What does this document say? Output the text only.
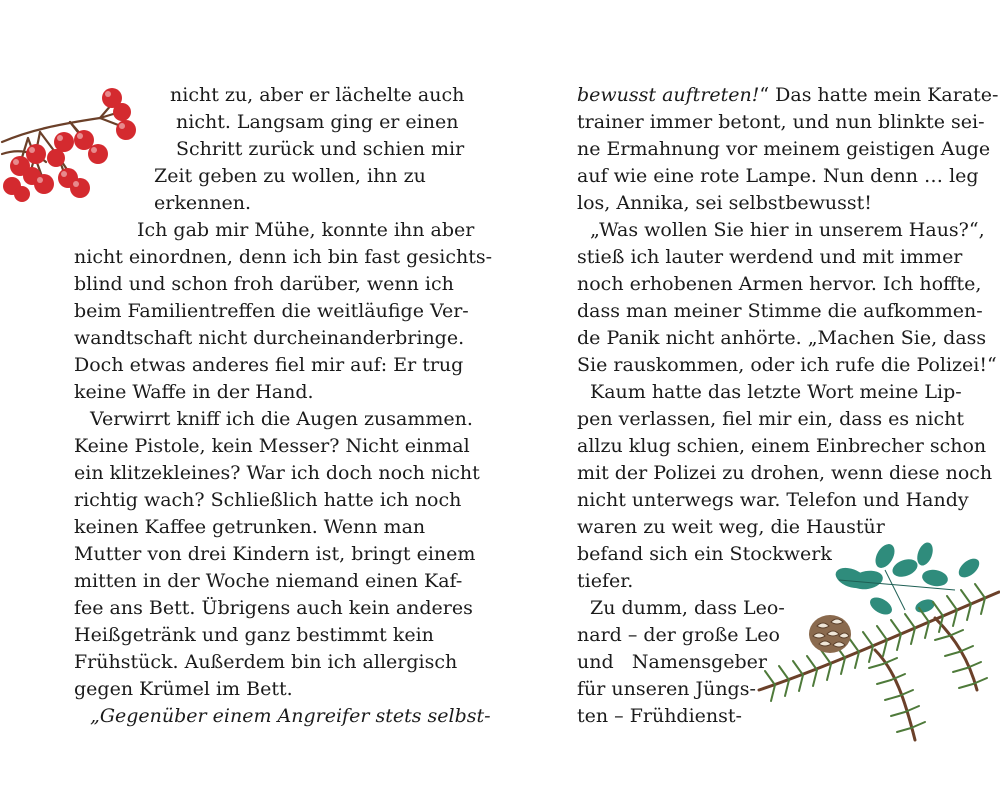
nicht zu, aber er lächelte auch

nicht. Langsam ging er einen

Schritt zurück und schien mir

Zeit geben zu wollen, ihn zu

erkennen.

Ich gab mir Mühe, konnte ihn aber

nicht einordnen, denn ich bin fast gesichts-

blind und schon froh darüber, wenn ich

beim Familientreffen die weitläufige Ver-

wandtschaft nicht durcheinanderbringe.

Doch etwas anderes fiel mir auf: Er trug

keine Waffe in der Hand.

Verwirrt kniff ich die Augen zusammen.

Keine Pistole, kein Messer? Nicht einmal

ein klitzekleines? War ich doch noch nicht

richtig wach? Schließlich hatte ich noch

keinen Kaffee getrunken. Wenn man

Mutter von drei Kindern ist, bringt einem

mitten in der Woche niemand einen Kaf-

fee ans Bett. Übrigens auch kein anderes

Heißgetränk und ganz bestimmt kein

Frühstück. Außerdem bin ich allergisch

gegen Krümel im Bett.

„Gegenüber einem Angreifer stets selbst-

bewusst auftreten!“ Das hatte mein Karate-

trainer immer betont, und nun blinkte sei-

ne Ermahnung vor meinem geistigen Auge

auf wie eine rote Lampe. Nun denn … leg

los, Annika, sei selbstbewusst!

„Was wollen Sie hier in unserem Haus?“,

stieß ich lauter werdend und mit immer

noch erhobenen Armen hervor. Ich hoffte,

dass man meiner Stimme die aufkommen-

de Panik nicht anhörte. „Machen Sie, dass

Sie rauskommen, oder ich rufe die Polizei!“

Kaum hatte das letzte Wort meine Lip-

pen verlassen, fiel mir ein, dass es nicht

allzu klug schien, einem Einbrecher schon

mit der Polizei zu drohen, wenn diese noch

nicht unterwegs war. Telefon und Handy

waren zu weit weg, die Haustür

befand sich ein Stockwerk

tiefer.

Zu dumm, dass Leo-

nard – der große Leo

und Namensgeber

für unseren Jüngs-

ten – Frühdienst-
